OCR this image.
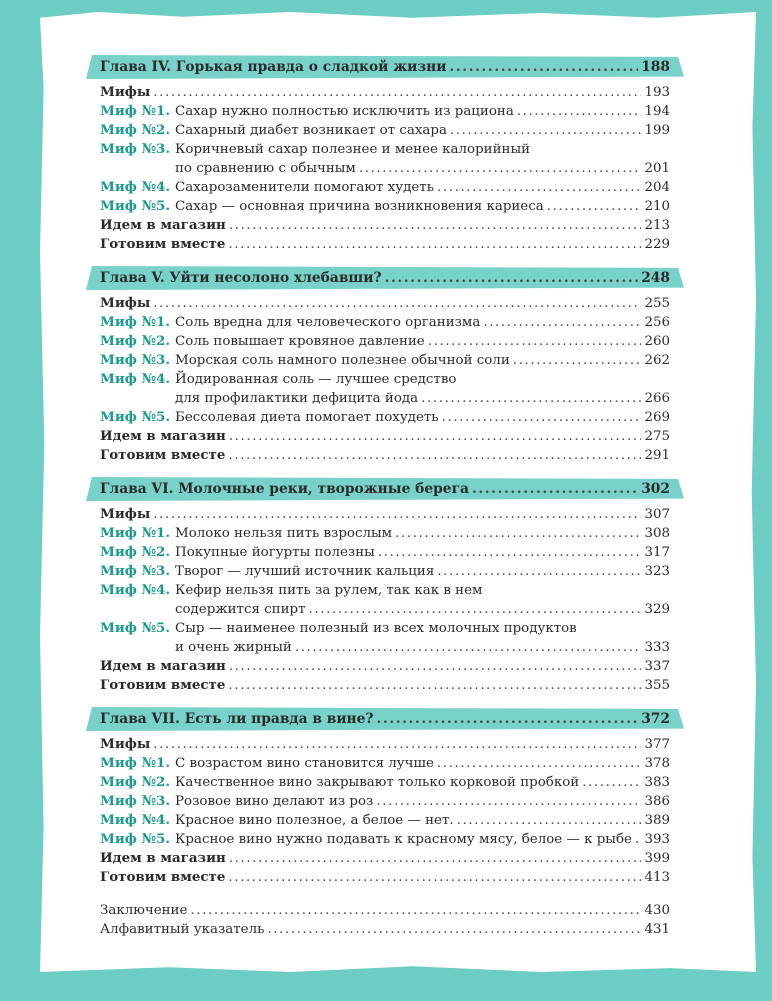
Глава IV. Горькая правда о сладкой жизни .....	188
Мифы .....	193
Миф №1. Сахар нужно полностью исключить из рациона .....	194
Миф №2. Сахарный диабет возникает от сахара .....	199
Миф №3. Коричневый сахар полезнее и менее калорийный
по сравнению с обычным .....	201
Миф №4. Сахарозаменители помогают худеть .....	204
Миф №5. Сахар — основная причина возникновения кариеса .....	210
Идем в магазин .....	213
Готовим вместе .....	229
Глава V. Уйти несолоно хлебавши? .....	248
Мифы .....	255
Миф №1. Соль вредна для человеческого организма .....	256
Миф №2. Соль повышает кровяное давление .....	260
Миф №3. Морская соль намного полезнее обычной соли .....	262
Миф №4. Йодированная соль — лучшее средство
для профилактики дефицита йода .....	266
Миф №5. Бессолевая диета помогает похудеть .....	269
Идем в магазин .....	275
Готовим вместе .....	291
Глава VI. Молочные реки, творожные берега .....	302
Мифы .....	307
Миф №1. Молоко нельзя пить взрослым .....	308
Миф №2. Покупные йогурты полезны .....	317
Миф №3. Творог — лучший источник кальция .....	323
Миф №4. Кефир нельзя пить за рулем, так как в нем
содержится спирт .....	329
Миф №5. Сыр — наименее полезный из всех молочных продуктов
и очень жирный .....	333
Идем в магазин .....	337
Готовим вместе .....	355
Глава VII. Есть ли правда в вине? .....	372
Мифы .....	377
Миф №1. С возрастом вино становится лучше .....	378
Миф №2. Качественное вино закрывают только корковой пробкой .....	383
Миф №3. Розовое вино делают из роз .....	386
Миф №4. Красное вино полезное, а белое — нет. .....	389
Миф №5. Красное вино нужно подавать к красному мясу, белое — к рыбе ..... 393
Идем в магазин .....	399
Готовим вместе .....	413
Заключение .....	430
Алфавитный указатель .....	431
